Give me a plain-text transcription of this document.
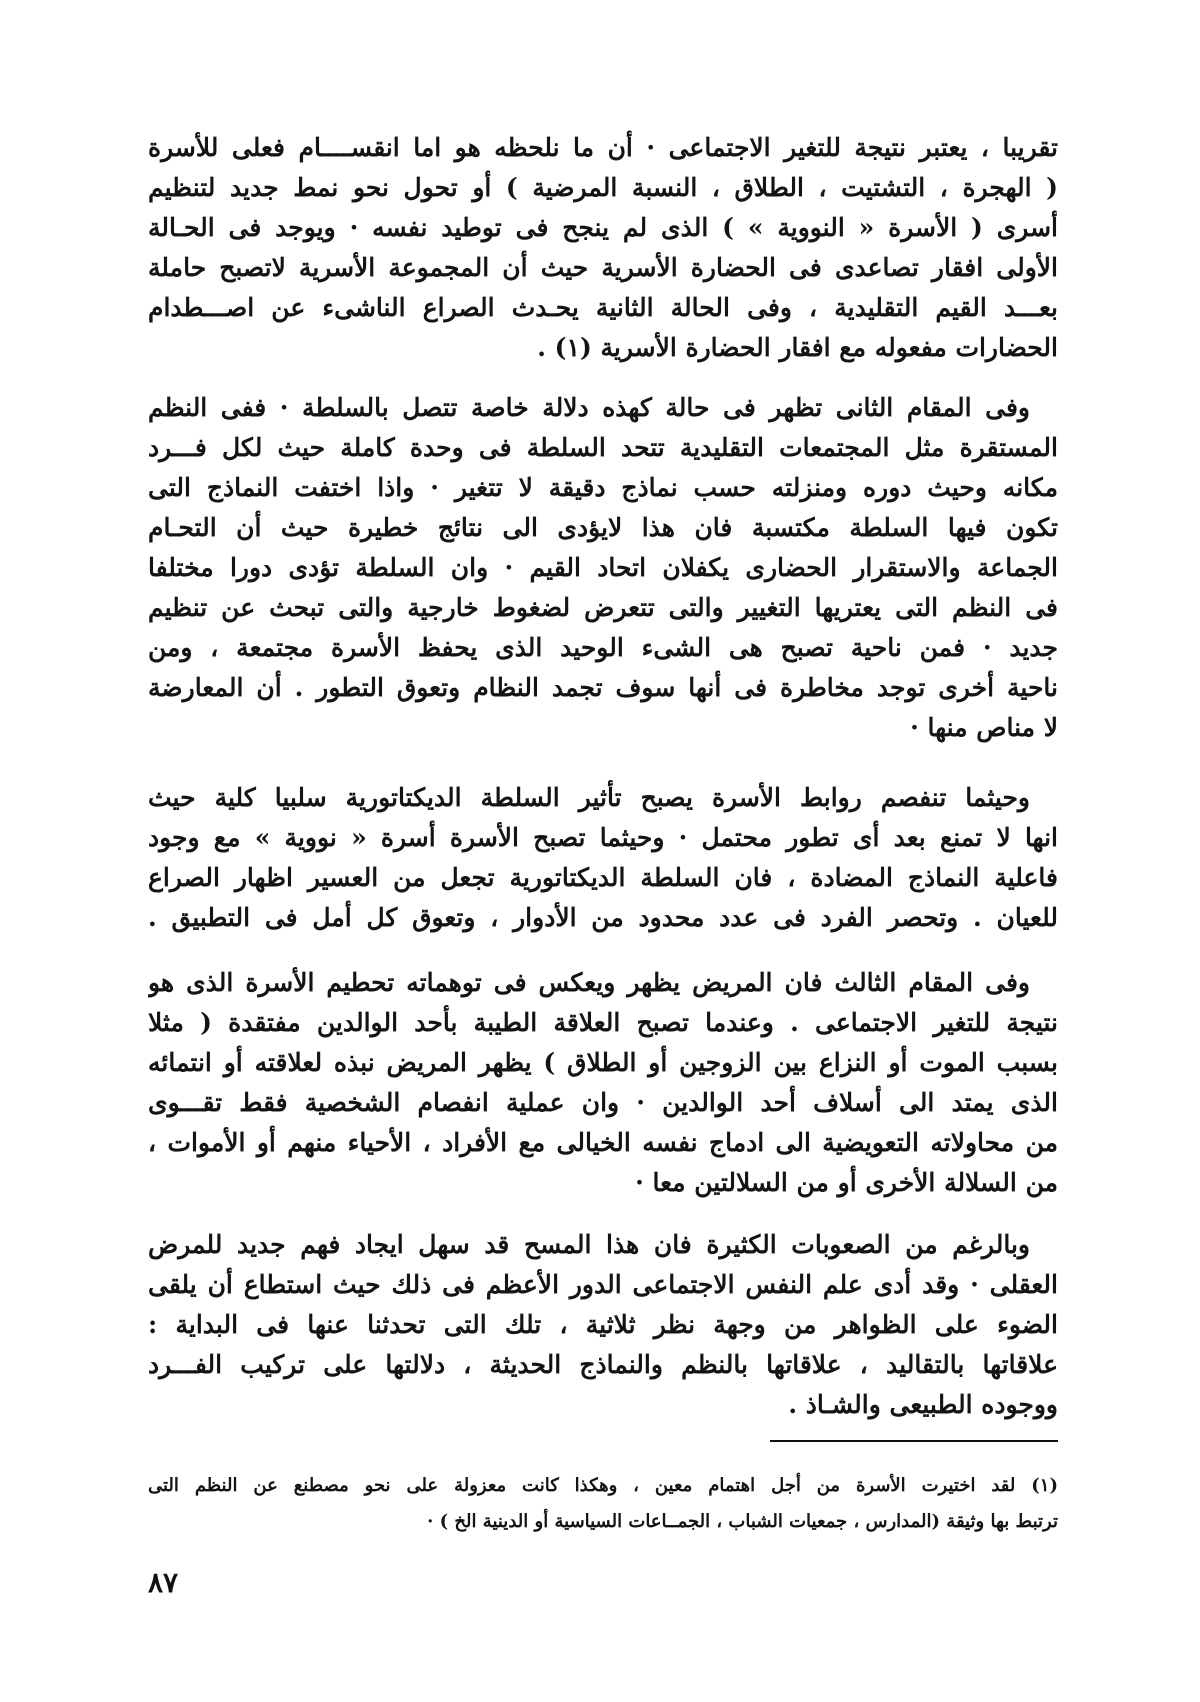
تقريبا ، يعتبر نتيجة للتغير الاجتماعى · أن ما نلحظه هو اما انقســــام فعلى للأسرة
( الهجرة ، التشتيت ، الطلاق ، النسبة المرضية ) أو تحول نحو نمط جديد لتنظيم
أسرى ( الأسرة « النووية » ) الذى لم ينجح فى توطيد نفسه · ويوجد فى الحـالة
الأولى افقار تصاعدى فى الحضارة الأسرية حيث أن المجموعة الأسرية لاتصبح حاملة
بعـــد القيم التقليدية ، وفى الحالة الثانية يحـدث الصراع الناشىء عن اصـــطدام
الحضارات مفعوله مع افقار الحضارة الأسرية (١) .
وفى المقام الثانى تظهر فى حالة كهذه دلالة خاصة تتصل بالسلطة · ففى النظم
المستقرة مثل المجتمعات التقليدية تتحد السلطة فى وحدة كاملة حيث لكل فـــرد
مكانه وحيث دوره ومنزلته حسب نماذج دقيقة لا تتغير · واذا اختفت النماذج التى
تكون فيها السلطة مكتسبة فان هذا لايؤدى الى نتائج خطيرة حيث أن التحـام
الجماعة والاستقرار الحضارى يكفلان اتحاد القيم · وان السلطة تؤدى دورا مختلفا
فى النظم التى يعتريها التغيير والتى تتعرض لضغوط خارجية والتى تبحث عن تنظيم
جديد · فمن ناحية تصبح هى الشىء الوحيد الذى يحفظ الأسرة مجتمعة ، ومن
ناحية أخرى توجد مخاطرة فى أنها سوف تجمد النظام وتعوق التطور . أن المعارضة
لا مناص منها ·
وحيثما تنفصم روابط الأسرة يصبح تأثير السلطة الديكتاتورية سلبيا كلية حيث
انها لا تمنع بعد أى تطور محتمل · وحيثما تصبح الأسرة أسرة « نووية » مع وجود
فاعلية النماذج المضادة ، فان السلطة الديكتاتورية تجعل من العسير اظهار الصراع
للعيان . وتحصر الفرد فى عدد محدود من الأدوار ، وتعوق كل أمل فى التطبيق .
وفى المقام الثالث فان المريض يظهر ويعكس فى توهماته تحطيم الأسرة الذى هو
نتيجة للتغير الاجتماعى . وعندما تصبح العلاقة الطيبة بأحد الوالدين مفتقدة ( مثلا
بسبب الموت أو النزاع بين الزوجين أو الطلاق ) يظهر المريض نبذه لعلاقته أو انتمائه
الذى يمتد الى أسلاف أحد الوالدين · وان عملية انفصام الشخصية فقط تقـــوى
من محاولاته التعويضية الى ادماج نفسه الخيالى مع الأفراد ، الأحياء منهم أو الأموات ،
من السلالة الأخرى أو من السلالتين معا ·
وبالرغم من الصعوبات الكثيرة فان هذا المسح قد سهل ايجاد فهم جديد للمرض
العقلى · وقد أدى علم النفس الاجتماعى الدور الأعظم فى ذلك حيث استطاع أن يلقى
الضوء على الظواهر من وجهة نظر ثلاثية ، تلك التى تحدثنا عنها فى البداية :
علاقاتها بالتقاليد ، علاقاتها بالنظم والنماذج الحديثة ، دلالتها على تركيب الفـــرد
ووجوده الطبيعى والشـاذ .
(١) لقد اختيرت الأسرة من أجل اهتمام معين ، وهكذا كانت معزولة على نحو مصطنع عن النظم التى
ترتبط بها وثيقة (المدارس ، جمعيات الشباب ، الجمــاعات السياسية أو الدينية الخ ) ·
٨٧
